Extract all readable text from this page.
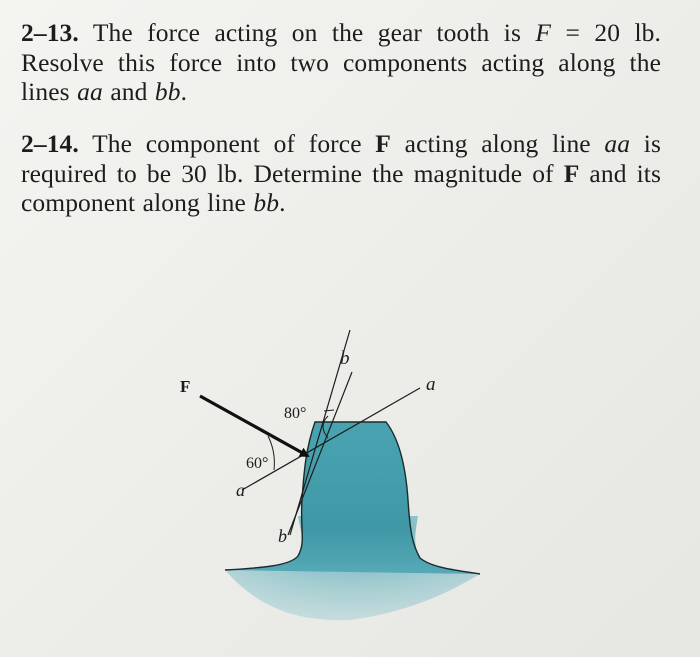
2–13. The force acting on the gear tooth is F = 20 lb.
Resolve this force into two components acting along the
lines aa and bb.
2–14. The component of force F acting along line aa is
required to be 30 lb. Determine the magnitude of F and its
component along line bb.
F
b
a
80°
60°
a
b
